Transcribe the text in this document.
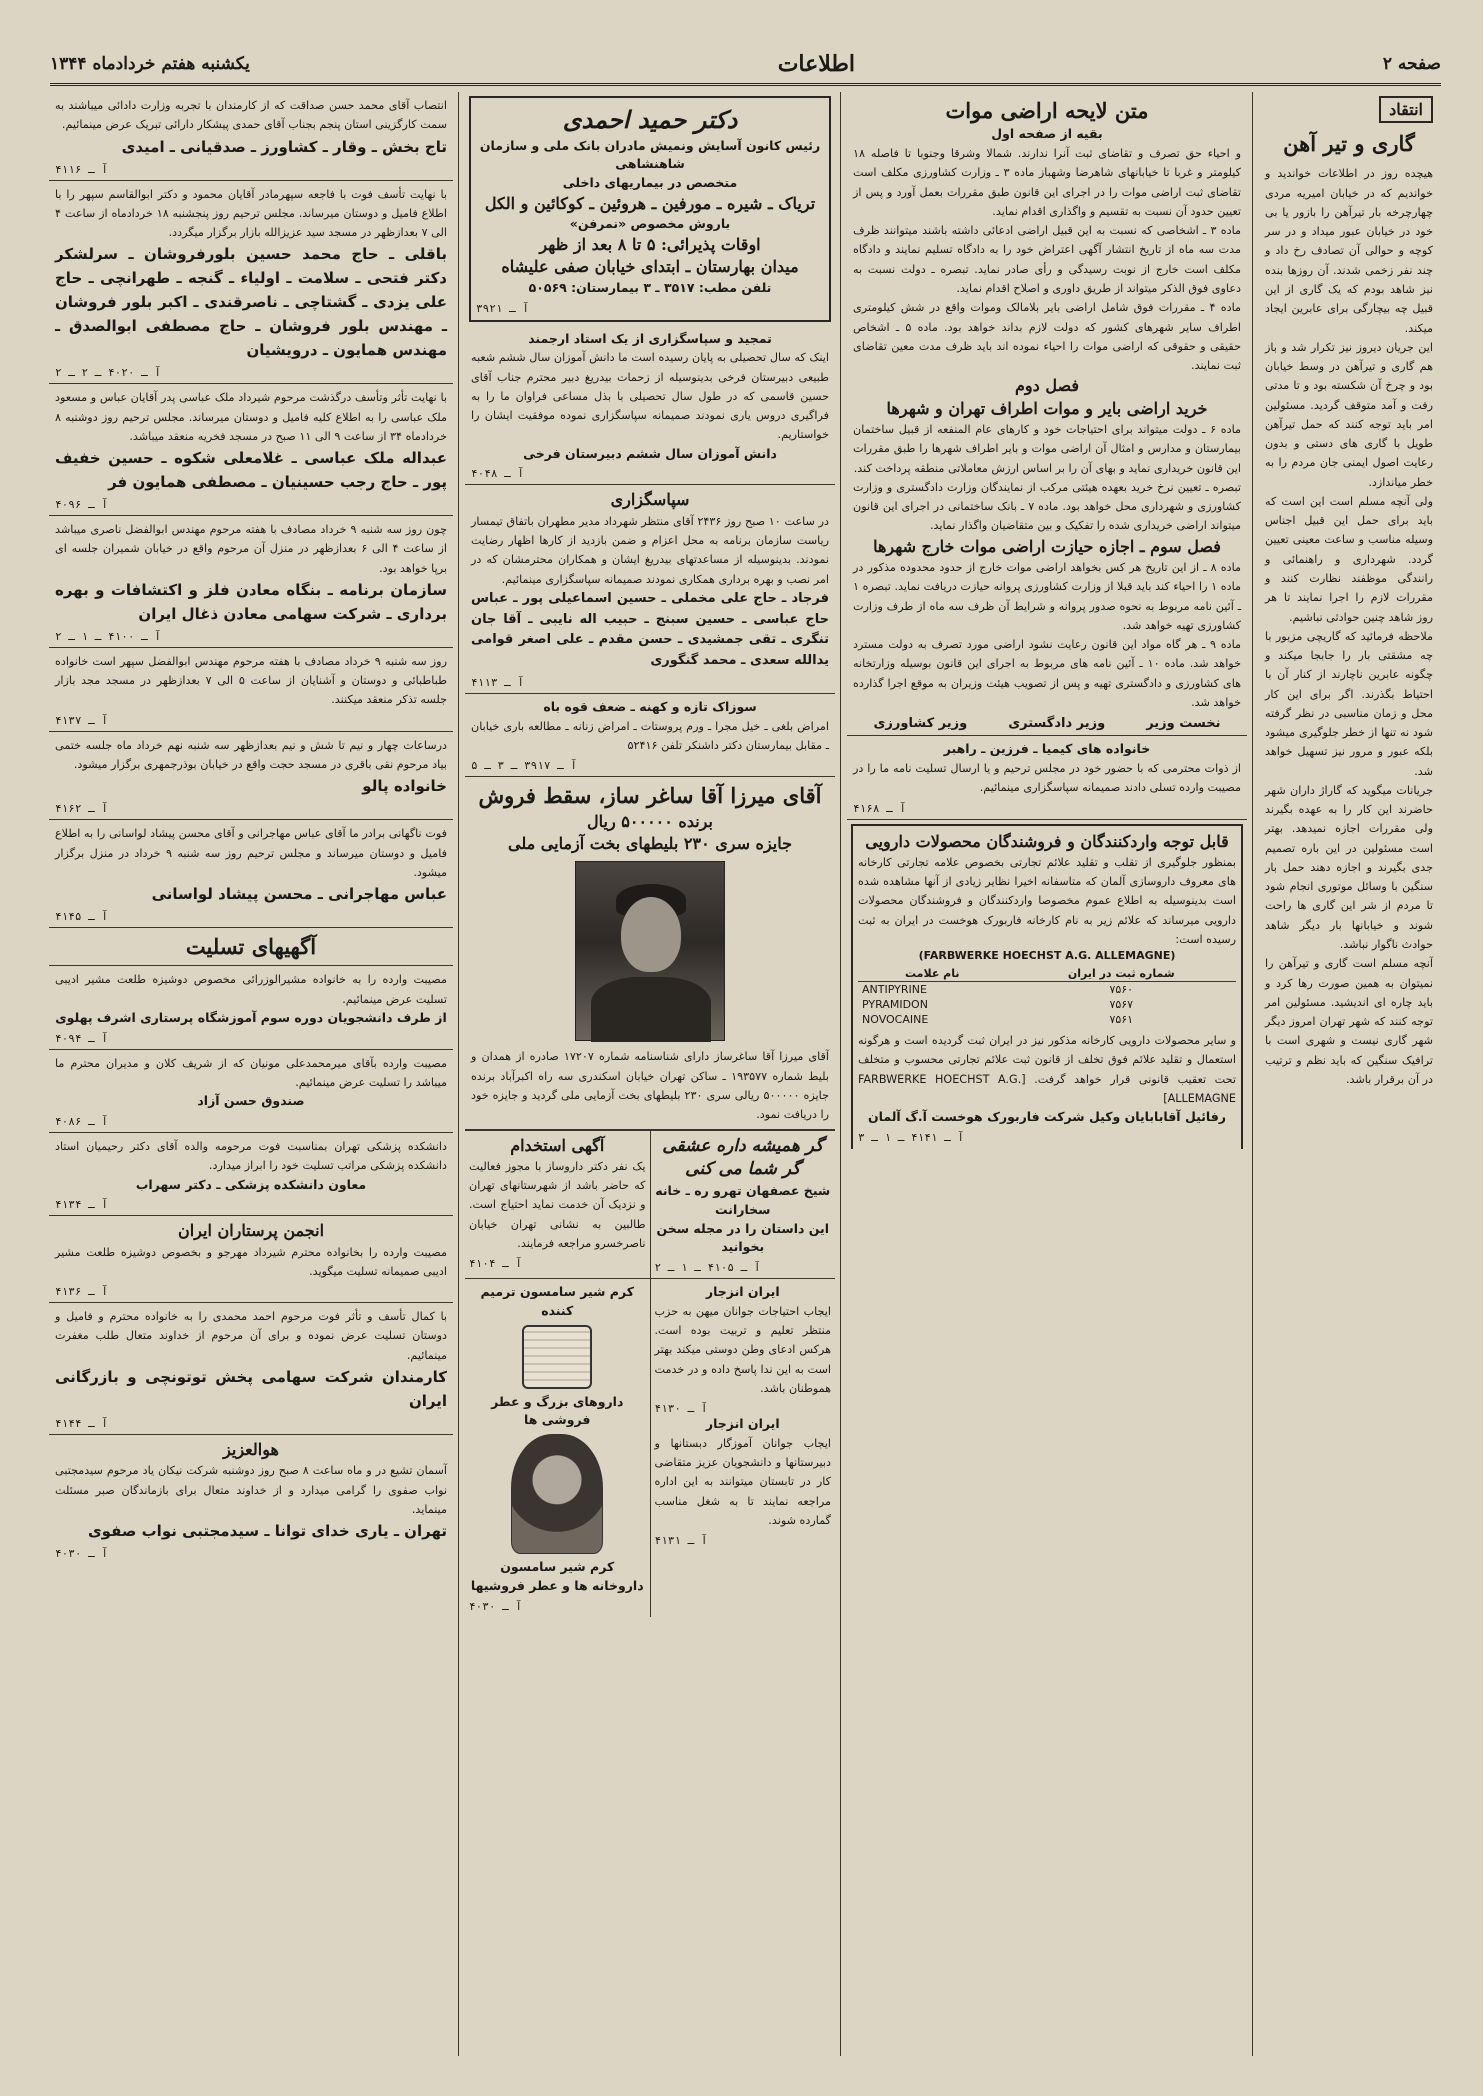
صفحه ۲
اطلاعات
یکشنبه هفتم خردادماه ۱۳۴۴
انتقاد
گاری و تیر آهن

هیچده روز در اطلاعات خواندید و خواندیم که در خیابان امیریه مردی چهارچرخه بار تیرآهن را بازور یا بی خود در خیابان عبور میداد و در سر کوچه و حوالی آن تصادف رخ داد و چند نفر زخمی شدند. آن روزها بنده نیز شاهد بودم که یک گاری از این قبیل چه بیچارگی برای عابرین ایجاد میکند.

این جریان دیروز نیز تکرار شد و باز هم گاری و تیرآهن در وسط خیابان بود و چرخ آن شکسته بود و تا مدتی رفت و آمد متوقف گردید. مسئولین امر باید توجه کنند که حمل تیرآهن طویل با گاری های دستی و بدون رعایت اصول ایمنی جان مردم را به خطر میاندازد.

ولی آنچه مسلم است این است که باید برای حمل این قبیل اجناس وسیله مناسب و ساعت معینی تعیین گردد. شهرداری و راهنمائی و رانندگی موظفند نظارت کنند و مقررات لازم را اجرا نمایند تا هر روز شاهد چنین حوادثی نباشیم.

ملاحظه فرمائید که گاریچی مزبور با چه مشقتی بار را جابجا میکند و چگونه عابرین ناچارند از کنار آن با احتیاط بگذرند. اگر برای این کار محل و زمان مناسبی در نظر گرفته شود نه تنها از خطر جلوگیری میشود بلکه عبور و مرور نیز تسهیل خواهد شد.

جریانات میگوید که گاراژ داران شهر حاضرند این کار را به عهده بگیرند ولی مقررات اجازه نمیدهد. بهتر است مسئولین در این باره تصمیم جدی بگیرند و اجازه دهند حمل بار سنگین با وسائل موتوری انجام شود تا مردم از شر این گاری ها راحت شوند و خیابانها بار دیگر شاهد حوادث ناگوار نباشد.

آنچه مسلم است گاری و تیرآهن را نمیتوان به همین صورت رها کرد و باید چاره ای اندیشید. مسئولین امر توجه کنند که شهر تهران امروز دیگر شهر گاری نیست و شهری است با ترافیک سنگین که باید نظم و ترتیب در آن برقرار باشد.

متن لایحه اراضی موات
بقیه از صفحه اول

و احیاء حق تصرف و تقاضای ثبت آنرا ندارند. شمالا وشرقا وجنوبا تا فاصله ۱۸ کیلومتر و غربا تا خیابانهای شاهرضا وشهباز ماده ۳ ـ وزارت کشاورزی مکلف است تقاضای ثبت اراضی موات را در اجرای این قانون طبق مقررات بعمل آورد و پس از تعیین حدود آن نسبت به تقسیم و واگذاری اقدام نماید.

ماده ۳ ـ اشخاصی که نسبت به این قبیل اراضی ادعائی داشته باشند میتوانند ظرف مدت سه ماه از تاریخ انتشار آگهی اعتراض خود را به دادگاه تسلیم نمایند و دادگاه مکلف است خارج از نوبت رسیدگی و رأی صادر نماید. تبصره ـ دولت نسبت به دعاوی فوق الذکر میتواند از طریق داوری و اصلاح اقدام نماید.

ماده ۴ ـ مقررات فوق شامل اراضی بایر بلامالک وموات واقع در شش کیلومتری اطراف سایر شهرهای کشور که دولت لازم بداند خواهد بود. ماده ۵ ـ اشخاص حقیقی و حقوقی که اراضی موات را احیاء نموده اند باید ظرف مدت معین تقاضای ثبت نمایند.

فصل دوم
خرید اراضی بایر و موات اطراف تهران و شهرها

ماده ۶ ـ دولت میتواند برای احتیاجات خود و کارهای عام المنفعه از قبیل ساختمان بیمارستان و مدارس و امثال آن اراضی موات و بایر اطراف شهرها را طبق مقررات این قانون خریداری نماید و بهای آن را بر اساس ارزش معاملاتی منطقه پرداخت کند.

تبصره ـ تعیین نرخ خرید بعهده هیئتی مرکب از نمایندگان وزارت دادگستری و وزارت کشاورزی و شهرداری محل خواهد بود. ماده ۷ ـ بانک ساختمانی در اجرای این قانون میتواند اراضی خریداری شده را تفکیک و بین متقاضیان واگذار نماید.

فصل سوم ـ اجازه حیازت اراضی موات خارج شهرها

ماده ۸ ـ از این تاریخ هر کس بخواهد اراضی موات خارج از حدود محدوده مذکور در ماده ۱ را احیاء کند باید قبلا از وزارت کشاورزی پروانه حیازت دریافت نماید. تبصره ۱ ـ آئین نامه مربوط به نحوه صدور پروانه و شرایط آن ظرف سه ماه از طرف وزارت کشاورزی تهیه خواهد شد.

ماده ۹ ـ هر گاه مواد این قانون رعایت نشود اراضی مورد تصرف به دولت مسترد خواهد شد. ماده ۱۰ ـ آئین نامه های مربوط به اجرای این قانون بوسیله وزارتخانه های کشاورزی و دادگستری تهیه و پس از تصویب هیئت وزیران به موقع اجرا گذارده خواهد شد.

نخست وزیر
وزیر دادگستری
وزیر کشاورزی
خانواده های کیمیا ـ فرزین ـ راهبر

از ذوات محترمی که با حضور خود در مجلس ترحیم و یا ارسال تسلیت نامه ما را در مصیبت وارده تسلی دادند صمیمانه سپاسگزاری مینمائیم.

آ ـ ۴۱۶۸
قابل توجه واردکنندگان و فروشندگان محصولات دارویی

بمنظور جلوگیری از تقلب و تقلید علائم تجارتی بخصوص علامه تجارتی کارخانه های معروف داروسازی آلمان که متاسفانه اخیرا نظایر زیادی از آنها مشاهده شده است بدینوسیله به اطلاع عموم مخصوصا واردکنندگان و فروشندگان محصولات دارویی میرساند که علائم زیر به نام کارخانه فاربورک هوخست در ایران به ثبت رسیده است:

(FARBWERKE HOECHST A.G. ALLEMAGNE)
نام علامت	شماره ثبت در ایران
ANTIPYRINE	۷۵۶۰
PYRAMIDON	۷۵۶۷
NOVOCAINE	۷۵۶۱

و سایر محصولات دارویی کارخانه مذکور نیز در ایران ثبت گردیده است و هرگونه استعمال و تقلید علائم فوق تخلف از قانون ثبت علائم تجارتی محسوب و متخلف تحت تعقیب قانونی قرار خواهد گرفت. [FARBWERKE HOECHST A.G. ALLEMAGNE]

رفائیل آقابابایان وکیل شرکت فاربورک هوخست آ.گ آلمان
آ ـ ۴۱۴۱ ـ ۱ ـ ۳
دکتر حمید احمدی
رئیس کانون آسایش ونمیش مادران بانک ملی و سازمان شاهنشاهی
متخصص در بیماریهای داخلی
تریاک ـ شیره ـ مورفین ـ هروئین ـ کوکائین و الکل
باروش مخصوص «نمرفن»
اوقات پذیرائی: ۵ تا ۸ بعد از ظهر
میدان بهارستان ـ ابتدای خیابان صفی علیشاه
تلفن مطب: ۳۵۱۷ ـ ۳ بیمارستان: ۵۰۵۶۹
آ ـ ۳۹۲۱
تمجید و سپاسگزاری از یک استاد ارجمند

اینک که سال تحصیلی به پایان رسیده است ما دانش آموزان سال ششم شعبه طبیعی دبیرستان فرخی بدینوسیله از زحمات بیدریغ دبیر محترم جناب آقای حسین قاسمی که در طول سال تحصیلی با بذل مساعی فراوان ما را به فراگیری دروس یاری نمودند صمیمانه سپاسگزاری نموده موفقیت ایشان را خواستاریم.

دانش آموزان سال ششم دبیرستان فرخی
آ ـ ۴۰۴۸
سپاسگزاری

در ساعت ۱۰ صبح روز ۲۴۳۶ آقای منتظر شهرداد مدیر مطهران باتفاق تیمسار ریاست سازمان برنامه به محل اعزام و ضمن بازدید از کارها اظهار رضایت نمودند. بدینوسیله از مساعدتهای بیدریغ ایشان و همکاران محترمشان که در امر نصب و بهره برداری همکاری نمودند صمیمانه سپاسگزاری مینمائیم.

فرجاد ـ حاج علی مخملی ـ حسین اسماعیلی پور ـ عباس حاج عباسی ـ حسین سبنج ـ حبیب اله نایبی ـ آقا جان تنگری ـ تقی جمشیدی ـ حسن مقدم ـ علی اصغر قوامی یدالله سعدی ـ محمد گنگوری
آ ـ ۴۱۱۳
سوزاک تازه و کهنه ـ ضعف قوه باه

امراض بلغی ـ خیل مجرا ـ ورم پروستات ـ امراض زنانه ـ مطالعه باری خیابان ـ مقابل بیمارستان دکتر داشنکر تلفن ۵۲۴۱۶

آ ـ ۳۹۱۷ ـ ۳ ـ ۵
آقای میرزا آقا ساغر ساز، سقط فروش
برنده ۵۰۰۰۰۰ ریال
جایزه سری ۲۳۰ بلیطهای بخت آزمایی ملی

آقای میرزا آقا ساغرساز دارای شناسنامه شماره ۱۷۲۰۷ صادره از همدان و بلیط شماره ۱۹۳۵۷۷ ـ ساکن تهران خیابان اسکندری سه راه اکبرآباد برنده جایزه ۵۰۰۰۰۰ ریالی سری ۲۳۰ بلیطهای بخت آزمایی ملی گردید و جایزه خود را دریافت نمود.

گر همیشه داره عشقی گر شما می کنی
شیخ عصفهان تهرو ره ـ خانه سخارانت
این داستان را در مجله سخن بخوانید
آ ـ ۴۱۰۵ ـ ۱ ـ ۲
آگهی استخدام

یک نفر دکتر داروساز با مجوز فعالیت که حاضر باشد از شهرستانهای تهران و نزدیک آن خدمت نماید احتیاج است. طالبین به نشانی تهران خیابان ناصرخسرو مراجعه فرمایند.

آ ـ ۴۱۰۴
ایران انزجار

ایجاب احتیاجات جوانان میهن به حزب منتظر تعلیم و تربیت بوده است. هرکس ادعای وطن دوستی میکند بهتر است به این ندا پاسخ داده و در خدمت هموطنان باشد.

آ ـ ۴۱۳۰
ایران انزجار

ایجاب جوانان آموزگار دبستانها و دبیرستانها و دانشجویان عزیز متقاضی کار در تابستان میتوانند به این اداره مراجعه نمایند تا به شغل مناسب گمارده شوند.

آ ـ ۴۱۳۱
کرم شیر سامسون ترمیم کننده
داروهای بزرگ و عطر فروشی ها
کرم شیر سامسون
داروخانه ها و عطر فروشیها
آ ـ ۴۰۳۰

انتصاب آقای محمد حسن صداقت که از کارمندان با تجربه وزارت دادائی میباشند به سمت کارگزینی استان پنجم بجناب آقای حمدی پیشکار دارائی تبریک عرض مینمائیم.

تاج بخش ـ وقار ـ کشاورز ـ صدقیانی ـ امیدی
آ ـ ۴۱۱۶

با نهایت تأسف فوت با فاجعه سپهرمادر آقایان محمود و دکتر ابوالقاسم سپهر را با اطلاع فامیل و دوستان میرساند. مجلس ترحیم روز پنجشنبه ۱۸ خردادماه از ساعت ۴ الی ۷ بعدازظهر در مسجد سید عزیزالله بازار برگزار میگردد.

باقلی ـ حاج محمد حسین بلورفروشان ـ سرلشکر دکتر فتحی ـ سلامت ـ اولیاء ـ گنجه ـ طهرانچی ـ حاج علی یزدی ـ گشتاچی ـ ناصرقندی ـ اکبر بلور فروشان ـ مهندس بلور فروشان ـ حاج مصطفی ابوالصدق ـ مهندس همایون ـ درویشیان
آ ـ ۴۰۲۰ ـ ۲ ـ ۲

با نهایت تأثر وتأسف درگذشت مرحوم شیرداد ملک عباسی پدر آقایان عباس و مسعود ملک عباسی را به اطلاع کلیه فامیل و دوستان میرساند. مجلس ترحیم روز دوشنبه ۸ خردادماه ۳۴ از ساعت ۹ الی ۱۱ صبح در مسجد فخریه منعقد میباشد.

عبداله ملک عباسی ـ غلامعلی شکوه ـ حسین خفیف پور ـ حاج رجب حسینیان ـ مصطفی همایون فر
آ ـ ۴۰۹۶

چون روز سه شنبه ۹ خرداد مصادف با هفته مرحوم مهندس ابوالفضل ناصری میباشد از ساعت ۴ الی ۶ بعدازظهر در منزل آن مرحوم واقع در خیابان شمیران جلسه ای برپا خواهد بود.

سازمان برنامه ـ بنگاه معادن فلز و اکتشافات و بهره برداری ـ شرکت سهامی معادن ذغال ایران
آ ـ ۴۱۰۰ ـ ۱ ـ ۲

روز سه شنبه ۹ خرداد مصادف با هفته مرحوم مهندس ابوالفضل سپهر است خانواده طباطبائی و دوستان و آشنایان از ساعت ۵ الی ۷ بعدازظهر در مسجد مجد بازار جلسه تذکر منعقد میکنند.

آ ـ ۴۱۳۷

درساعات چهار و نیم تا شش و نیم بعدازظهر سه شنبه نهم خرداد ماه جلسه ختمی بیاد مرحوم نقی باقری در مسجد حجت واقع در خیابان بوذرجمهری برگزار میشود.

خانواده پالو
آ ـ ۴۱۶۲

فوت ناگهانی برادر ما آقای عباس مهاجرانی و آقای محسن پیشاد لواسانی را به اطلاع فامیل و دوستان میرساند و مجلس ترحیم روز سه شنبه ۹ خرداد در منزل برگزار میشود.

عباس مهاجرانی ـ محسن پیشاد لواسانی
آ ـ ۴۱۴۵
آگهیهای تسلیت

مصیبت وارده را به خانواده مشیرالوزرائی مخصوص دوشیزه طلعت مشیر ادیبی تسلیت عرض مینمائیم.

از طرف دانشجویان دوره سوم آموزشگاه پرستاری اشرف پهلوی
آ ـ ۴۰۹۴

مصیبت وارده بآقای میرمحمدعلی مونیان که از شریف کلان و مدیران محترم ما میباشد را تسلیت عرض مینمائیم.

صندوق حسن آزاد
آ ـ ۴۰۸۶

دانشکده پزشکی تهران بمناسبت فوت مرحومه والده آقای دکتر رحیمیان استاد دانشکده پزشکی مراتب تسلیت خود را ابراز میدارد.

معاون دانشکده پزشکی ـ دکتر سهراب
آ ـ ۴۱۳۴
انجمن پرستاران ایران

مصیبت وارده را بخانواده محترم شیرداد مهرجو و بخصوص دوشیزه طلعت مشیر ادیبی صمیمانه تسلیت میگوید.

آ ـ ۴۱۳۶

با کمال تأسف و تأثر فوت مرحوم احمد محمدی را به خانواده محترم و فامیل و دوستان تسلیت عرض نموده و برای آن مرحوم از خداوند متعال طلب مغفرت مینمائیم.

کارمندان شرکت سهامی پخش توتونچی و بازرگانی ایران
آ ـ ۴۱۴۴
هوالعزیز

آسمان تشیع در و ماه ساعت ۸ صبح روز دوشنبه شرکت نیکان یاد مرحوم سیدمجتبی نواب صفوی را گرامی میدارد و از خداوند متعال برای بازماندگان صبر مسئلت مینماید.

تهران ـ یاری خدای توانا ـ سیدمجتبی نواب صفوی
آ ـ ۴۰۳۰
